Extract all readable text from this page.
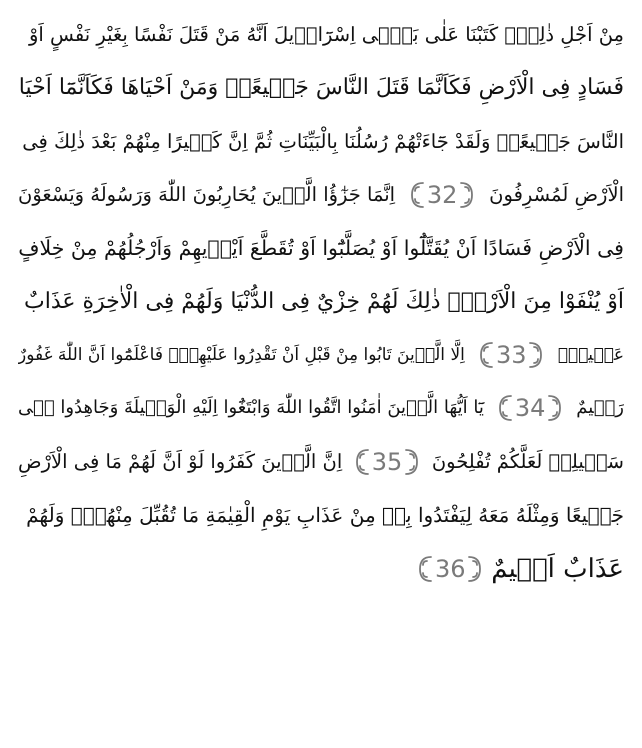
مِنْ اَجْلِ ذٰلِكَۚ كَتَبْنَا عَلٰى بَنٖٓى اِسْرَٓاءٖيلَ اَنَّهُ مَنْ قَتَلَ نَفْسًا بِغَيْرِ نَفْسٍ اَوْ
فَسَادٍ فِى الْاَرْضِ فَكَاَنَّمَا قَتَلَ النَّاسَ جَمٖيعًاۜ وَمَنْ اَحْيَاهَا فَكَاَنَّمَٓا اَحْيَا
النَّاسَ جَمٖيعًاۜ وَلَقَدْ جَٓاءَتْهُمْ رُسُلُنَا بِالْبَيِّنَاتِ ثُمَّ اِنَّ كَثٖيرًا مِنْهُمْ بَعْدَ ذٰلِكَ فِى
الْاَرْضِ لَمُسْرِفُونَ
32
اِنَّمَا جَزٰٓؤُا الَّذٖينَ يُحَارِبُونَ اللّٰهَ وَرَسُولَهُ وَيَسْعَوْنَ
فِى الْاَرْضِ فَسَادًا اَنْ يُقَتَّلُٓوا اَوْ يُصَلَّبُٓوا اَوْ تُقَطَّعَ اَيْدٖيهِمْ وَاَرْجُلُهُمْ مِنْ خِلَافٍ
اَوْ يُنْفَوْا مِنَ الْاَرْضِۜ ذٰلِكَ لَهُمْ خِزْيٌ فِى الدُّنْيَا وَلَهُمْ فِى الْاٰخِرَةِ عَذَابٌ
عَظٖيمٌۙ
33
اِلَّا الَّذٖينَ تَابُوا مِنْ قَبْلِ اَنْ تَقْدِرُوا عَلَيْهِمْۚ فَاعْلَمُٓوا اَنَّ اللّٰهَ غَفُورٌ
رَحٖيمٌ
34
يَٓا اَيُّهَا الَّذٖينَ اٰمَنُوا اتَّقُوا اللّٰهَ وَابْتَغُٓوا اِلَيْهِ الْوَسٖيلَةَ وَجَاهِدُوا فٖى
سَبٖيلِهٖ لَعَلَّكُمْ تُفْلِحُونَ
35
اِنَّ الَّذٖينَ كَفَرُوا لَوْ اَنَّ لَهُمْ مَا فِى الْاَرْضِ
جَمٖيعًا وَمِثْلَهُ مَعَهُ لِيَفْتَدُوا بِهٖ مِنْ عَذَابِ يَوْمِ الْقِيٰمَةِ مَا تُقُبِّلَ مِنْهُمْۚ وَلَهُمْ
عَذَابٌ اَلٖيمٌ
36
